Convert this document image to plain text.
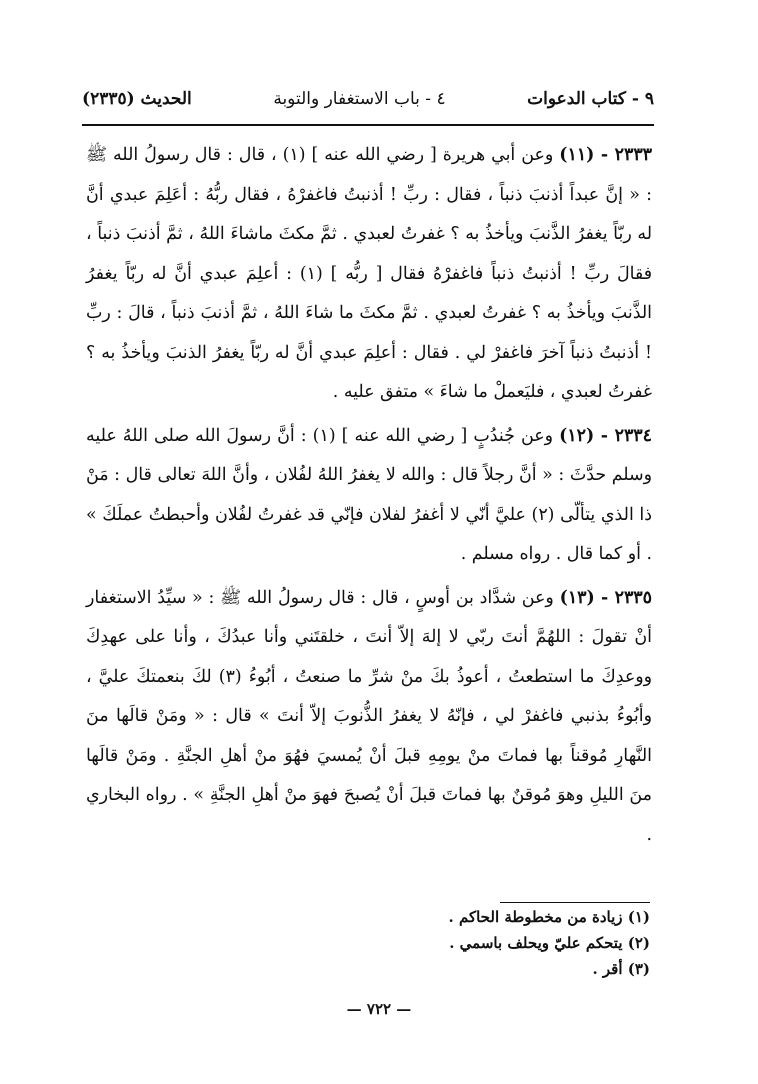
٩ - كتاب الدعوات
٤ - باب الاستغفار والتوبة
الحديث (٢٣٣٥)

٢٣٣٣ - (١١) وعن أبي هريرة [ رضي الله عنه ] (١) ، قال : قال رسولُ الله ﷺ : « إنَّ عبداً أذنبَ ذنباً ، فقال : ربِّ ! أذنبتُ فاغفرْهُ ، فقال ربُّهُ : أعَلِمَ عبدي أنَّ له ربّاً يغفرُ الذَّنبَ ويأخذُ به ؟ غفرتُ لعبدي . ثمَّ مكثَ ماشاءَ اللهُ ، ثمَّ أذنبَ ذنباً ، فقالَ ربِّ ! أذنبتُ ذنباً فاغفرْهُ فقال [ ربُّه ] (١) : أعلِمَ عبدي أنَّ له ربّاً يغفرُ الذَّنبَ ويأخذُ به ؟ غفرتُ لعبدي . ثمَّ مكثَ ما شاءَ اللهُ ، ثمَّ أذنبَ ذنباً ، قالَ : ربِّ ! أذنبتُ ذنباً آخرَ فاغفرْ لي . فقال : أعلِمَ عبدي أنَّ له ربّاً يغفرُ الذنبَ ويأخذُ به ؟ غفرتُ لعبدي ، فليَعملْ ما شاءَ » متفق عليه .

٢٣٣٤ - (١٢) وعن جُندُبٍ [ رضي الله عنه ] (١) : أنَّ رسولَ الله صلى اللهُ عليه وسلم حدَّثَ : « أنَّ رجلاً قال : والله لا يغفرُ اللهُ لفُلان ، وأنَّ اللهَ تعالى قال : مَنْ ذا الذي يتألّى (٢) عليَّ أنّي لا أغفرُ لفلان فإنّي قد غفرتُ لفُلان وأحبطتُ عملَكَ » . أو كما قال . رواه مسلم .

٢٣٣٥ - (١٣) وعن شدَّاد بن أوسٍ ، قال : قال رسولُ الله ﷺ : « سيِّدُ الاستغفار أنْ تقولَ : اللهُمَّ أنتَ ربّي لا إلهَ إلاّ أنتَ ، خلقتَني وأنا عبدُكَ ، وأنا على عهدِكَ ووعدِكَ ما استطعتُ ، أعوذُ بكَ منْ شرِّ ما صنعتُ ، أبُوءُ (٣) لكَ بنعمتكَ عليَّ ، وأبُوءُ بذنبي فاغفرْ لي ، فإنّهُ لا يغفرُ الذُّنوبَ إلاّ أنتَ » قال : « ومَنْ قالَها منَ النَّهارِ مُوقناً بها فماتَ منْ يومِهِ قبلَ أنْ يُمسيَ فهُوَ منْ أهلِ الجنَّةِ . ومَنْ قالَها منَ الليلِ وهوَ مُوقنٌ بها فماتَ قبلَ أنْ يُصبحَ فهوَ منْ أهلِ الجنَّةِ » . رواه البخاري .

(١) زيادة من مخطوطة الحاكم .
(٢) يتحكم عليّ ويحلف باسمي .
(٣) أقر .
— ٧٢٢ —
